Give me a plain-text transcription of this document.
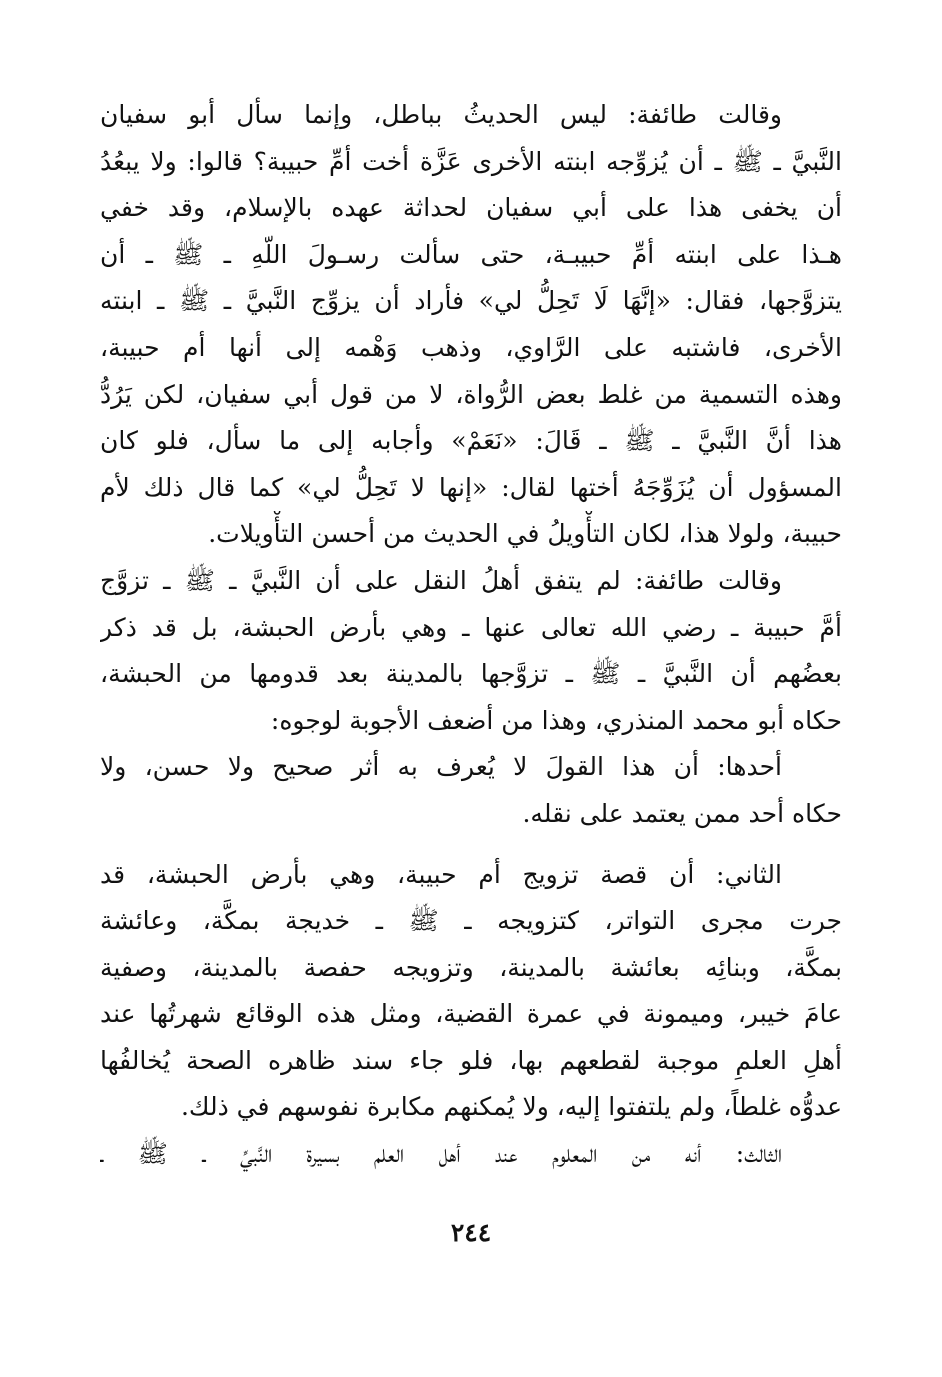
وقالت طائفة: ليس الحديثُ بباطل، وإنما سأل أبو سفيان
النَّبيَّ ـ ﷺ ـ أن يُزوِّجه ابنته الأخرى عَزَّة أخت أمِّ حبيبة؟ قالوا: ولا يبعُدُ
أن يخفى هذا على أبي سفيان لحداثة عهده بالإسلام، وقد خفي
هـذا على ابنته أمِّ حبيبـة، حتى سألت رسـولَ اللّهِ ـ ﷺ ـ أن
يتزوَّجها، فقال: «إنَّهَا لَا تَحِلُّ لي» فأراد أن يزوِّج النَّبيَّ ـ ﷺ ـ ابنته
الأخرى، فاشتبه على الرَّاوي، وذهب وَهْمه إلى أنها أم حبيبة،
وهذه التسمية من غلط بعض الرُّواة، لا من قول أبي سفيان، لكن يَرُدُّ
هذا أنَّ النَّبيَّ ـ ﷺ ـ قَالَ: «نَعَمْ» وأجابه إلى ما سأل، فلو كان
المسؤول أن يُزَوِّجَهُ أختها لقال: «إنها لا تَحِلُّ لي» كما قال ذلك لأم
حبيبة، ولولا هذا، لكان التأْويلُ في الحديث من أحسن التأْويلات.
وقالت طائفة: لم يتفق أهلُ النقل على أن النَّبيَّ ـ ﷺ ـ تزوَّج
أمَّ حبيبة ـ رضي الله تعالى عنها ـ وهي بأرض الحبشة، بل قد ذكر
بعضُهم أن النَّبيَّ ـ ﷺ ـ تزوَّجها بالمدينة بعد قدومها من الحبشة،
حكاه أبو محمد المنذري، وهذا من أضعف الأجوبة لوجوه:
أحدها: أن هذا القولَ لا يُعرف به أثر صحيح ولا حسن، ولا
حكاه أحد ممن يعتمد على نقله.
الثاني: أن قصة تزويج أم حبيبة، وهي بأرض الحبشة، قد
جرت مجرى التواتر، كتزويجه ـ ﷺ ـ خديجة بمكَّة، وعائشة
بمكَّة، وبنائِه بعائشة بالمدينة، وتزويجه حفصة بالمدينة، وصفية
عامَ خيبر، وميمونة في عمرة القضية، ومثل هذه الوقائع شهرتُها عند
أهلِ العلمِ موجبة لقطعهم بها، فلو جاء سند ظاهره الصحة يُخالفُها
عدوُّه غلطاً، ولم يلتفتوا إليه، ولا يُمكنهم مكابرة نفوسهم في ذلك.
الثالث: أنه من المعلوم عند أهل العلم بسيرة النَّبيِّ ـ ﷺ ـ
٢٤٤
